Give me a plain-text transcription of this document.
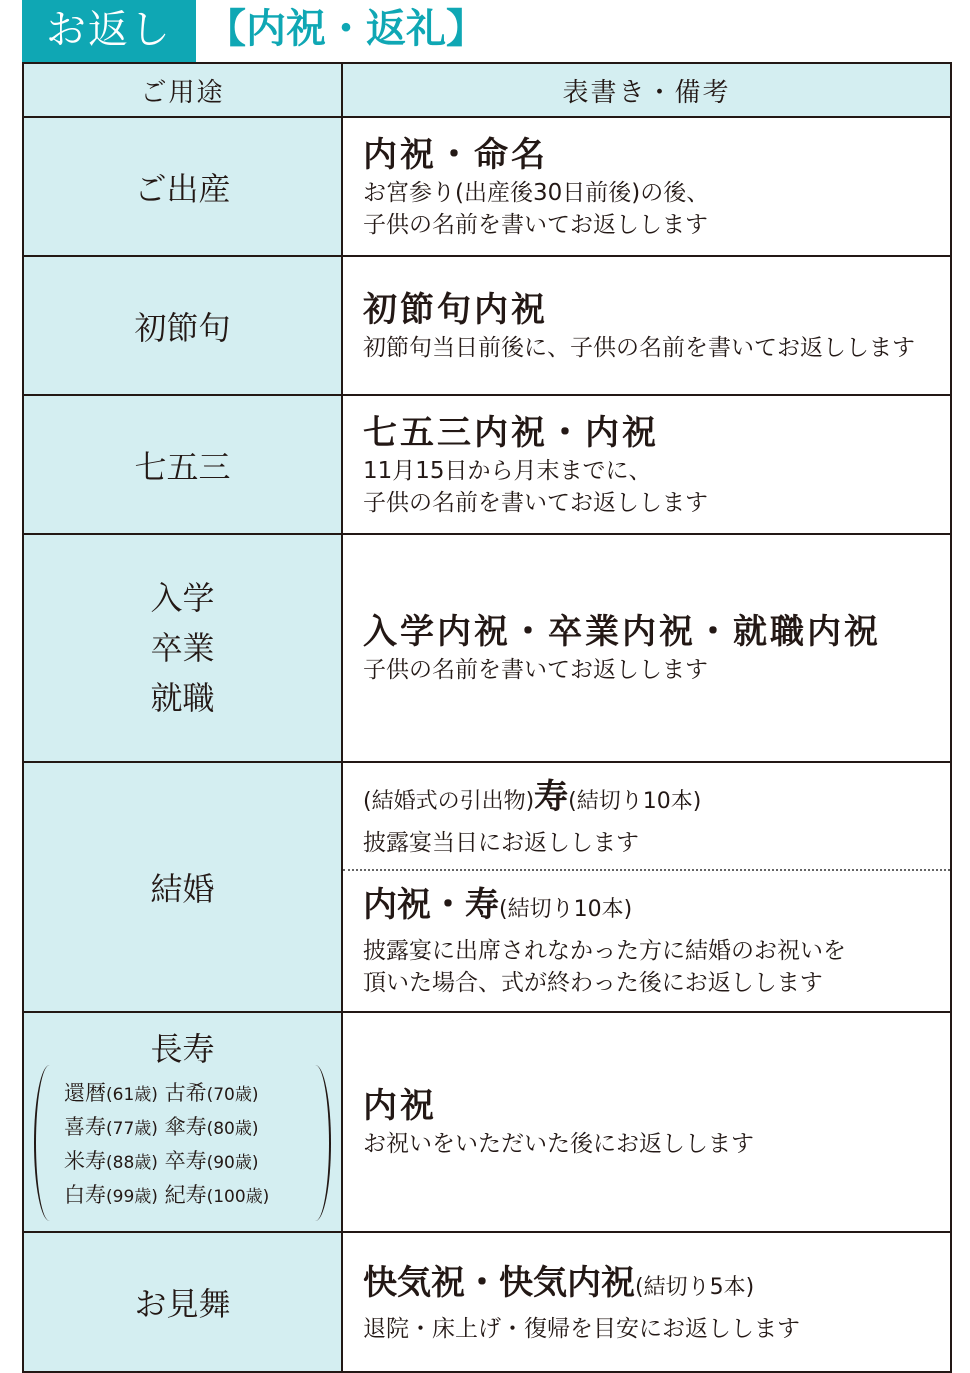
お返し 【内祝・返礼】
ご用途	表書き・備考
ご出産
内祝・命名
お宮参り(出産後30日前後)の後、
子供の名前を書いてお返しします
初節句	初節句内祝
初節句当日前後に、子供の名前を書いてお返しします
七五三
七五三内祝・内祝
11月15日から月末までに、
子供の名前を書いてお返しします
入学
卒業
就職
入学内祝・卒業内祝・就職内祝
子供の名前を書いてお返しします
結婚
(結婚式の引出物)寿(結切り10本)
披露宴当日にお返しします
内祝・寿(結切り10本)
披露宴に出席されなかった方に結婚のお祝いを
頂いた場合、式が終わった後にお返しします
長寿
還暦(61歳) 古希(70歳)
喜寿(77歳) 傘寿(80歳)
米寿(88歳) 卒寿(90歳)
白寿(99歳) 紀寿(100歳)
内祝
お祝いをいただいた後にお返しします
お見舞
快気祝・快気内祝(結切り5本)
退院・床上げ・復帰を目安にお返しします
